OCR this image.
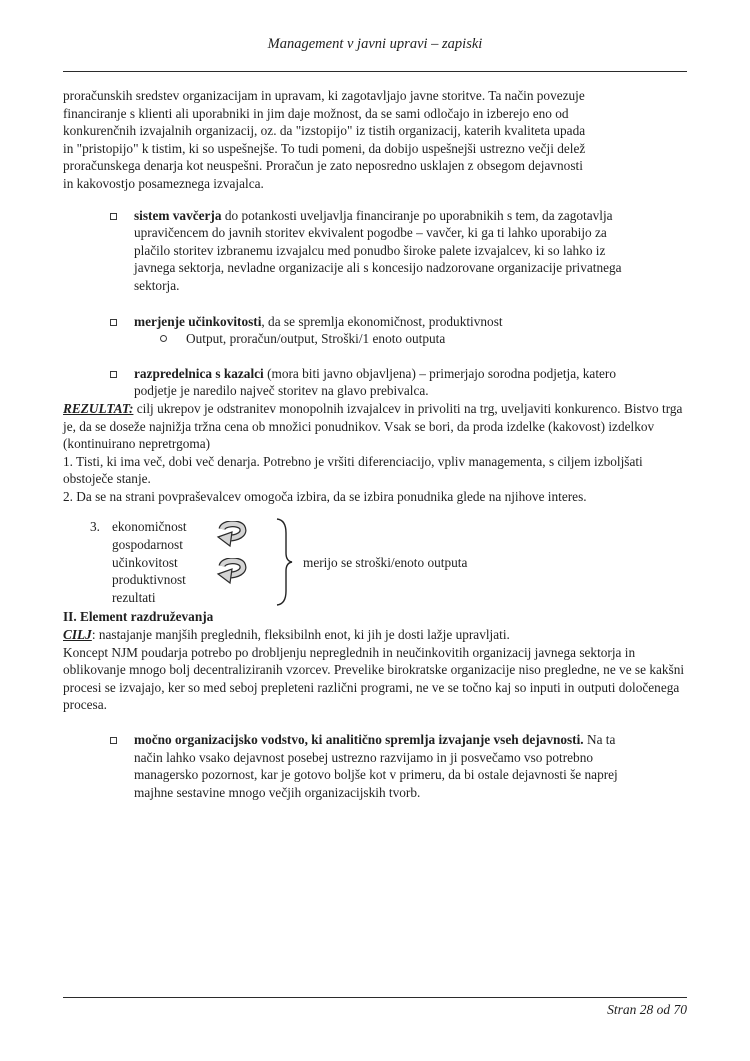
Management v javni upravi – zapiski

proračunskih sredstev organizacijam in upravam, ki zagotavljajo javne storitve. Ta način povezuje financiranje s klienti ali uporabniki in jim daje možnost, da se sami odločajo in izberejo eno od konkurenčnih izvajalnih organizacij, oz. da "izstopijo" iz tistih organizacij, katerih kvaliteta upada in "pristopijo" k tistim, ki so uspešnejše. To tudi pomeni, da dobijo uspešnejši ustrezno večji delež proračunskega denarja kot neuspešni. Proračun je zato neposredno usklajen z obsegom dejavnosti in kakovostjo posameznega izvajalca.

sistem vavčerja do potankosti uveljavlja financiranje po uporabnikih s tem, da zagotavlja upravičencem do javnih storitev ekvivalent pogodbe – vavčer, ki ga ti lahko uporabijo za plačilo storitev izbranemu izvajalcu med ponudbo široke palete izvajalcev, ki so lahko iz javnega sektorja, nevladne organizacije ali s koncesijo nadzorovane organizacije privatnega sektorja.
merjenje učinkovitosti, da se spremlja ekonomičnost, produktivnost
Output, proračun/output, Stroški/1 enoto outputa
razpredelnica s kazalci (mora biti javno objavljena) – primerjajo sorodna podjetja, katero podjetje je naredilo največ storitev na glavo prebivalca.

REZULTAT: cilj ukrepov je odstranitev monopolnih izvajalcev in privoliti na trg, uveljaviti konkurenco. Bistvo trga je, da se doseže najnižja tržna cena ob množici ponudnikov. Vsak se bori, da proda izdelke (kakovost) izdelkov (kontinuirano nepretrgoma)

1. Tisti, ki ima več, dobi več denarja. Potrebno je vršiti diferenciacijo, vpliv managementa, s ciljem izboljšati obstoječe stanje.

2. Da se na strani povpraševalcev omogoča izbira, da se izbira ponudnika glede na njihove interes.

3. ekonomičnost
gospodarnost
učinkovitost
produktivnost
rezultati
merijo se stroški/enoto outputa

II. Element razdruževanja

CILJ: nastajanje manjših preglednih, fleksibilnh enot, ki jih je dosti lažje upravljati.

Koncept NJM poudarja potrebo po drobljenju nepreglednih in neučinkovitih organizacij javnega sektorja in oblikovanje mnogo bolj decentraliziranih vzorcev. Prevelike birokratske organizacije niso pregledne, ne ve se kakšni procesi se izvajajo, ker so med seboj prepleteni različni programi, ne ve se točno kaj so inputi in outputi določenega procesa.

močno organizacijsko vodstvo, ki analitično spremlja izvajanje vseh dejavnosti. Na ta način lahko vsako dejavnost posebej ustrezno razvijamo in ji posvečamo vso potrebno managersko pozornost, kar je gotovo boljše kot v primeru, da bi ostale dejavnosti še naprej majhne sestavine mnogo večjih organizacijskih tvorb.
Stran 28 od 70
